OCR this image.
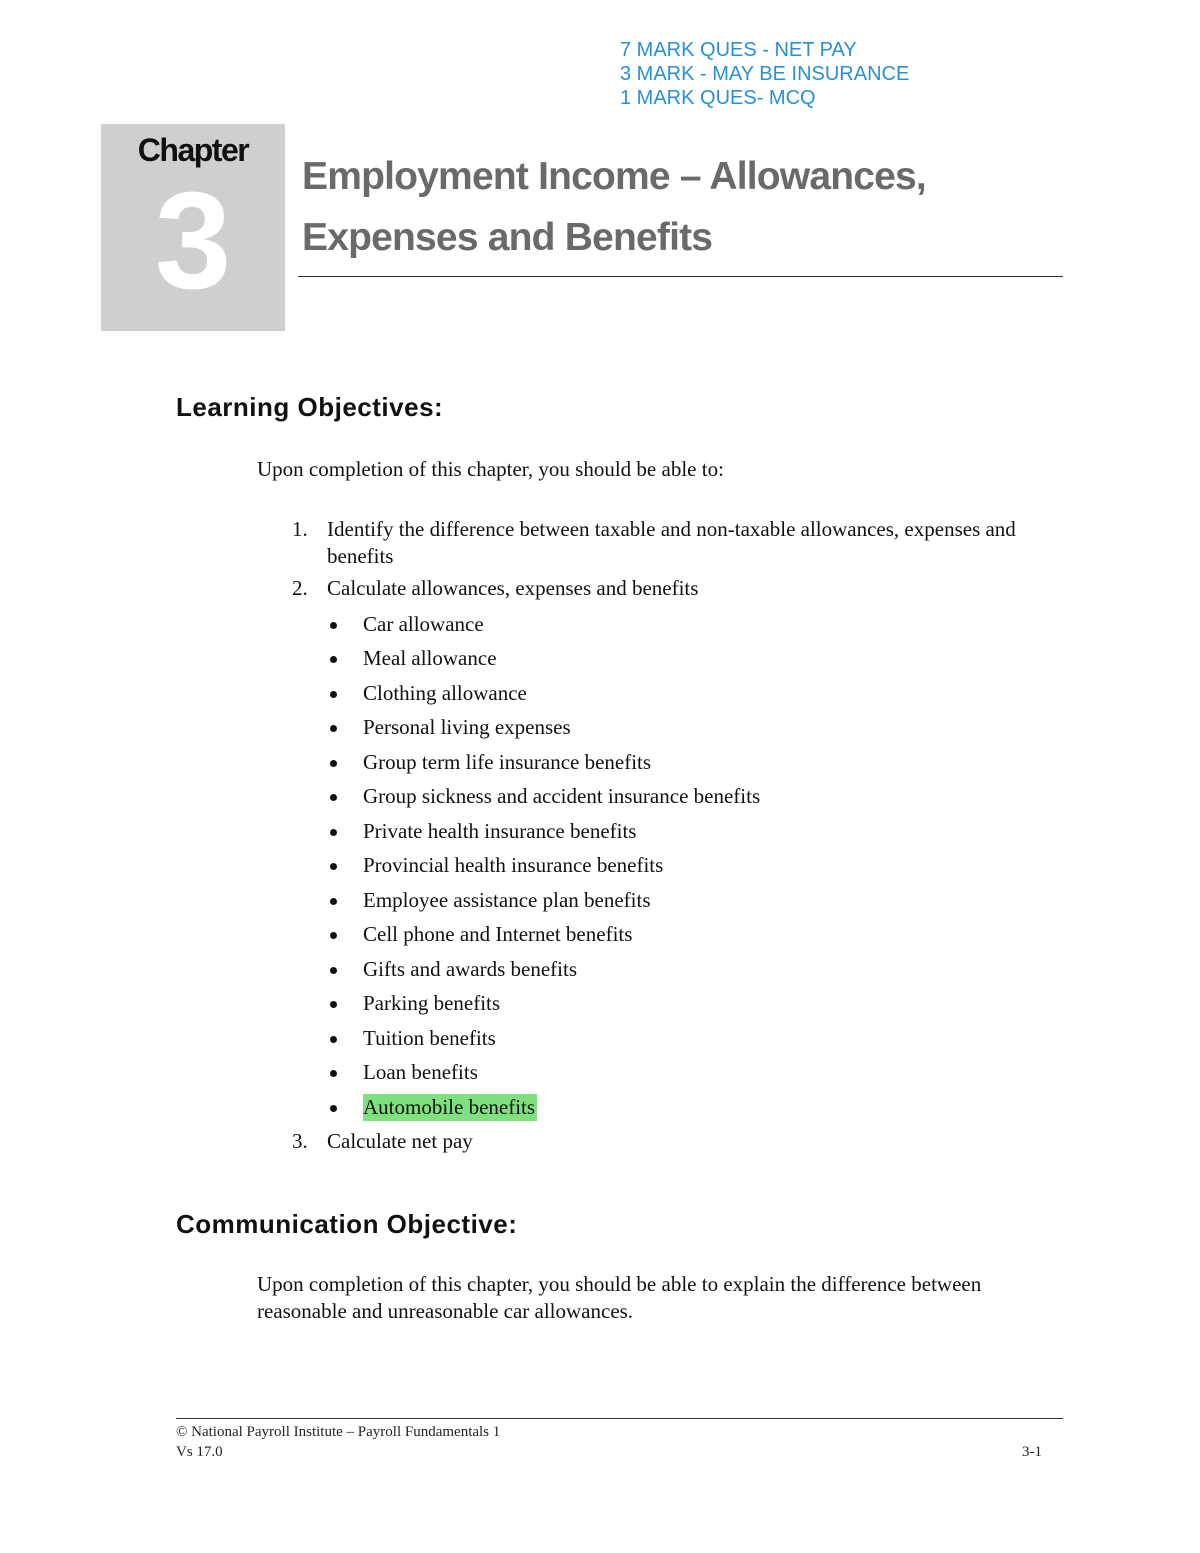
7 MARK QUES - NET PAY
3 MARK - MAY BE INSURANCE
1 MARK QUES- MCQ
Chapter
3	Employment Income – Allowances,
Expenses and Benefits
Learning Objectives:
Upon completion of this chapter, you should be able to:
1. Identify the difference between taxable and non-taxable allowances, expenses and benefits
2. Calculate allowances, expenses and benefits
Car allowance
Meal allowance
Clothing allowance
Personal living expenses
Group term life insurance benefits
Group sickness and accident insurance benefits
Private health insurance benefits
Provincial health insurance benefits
Employee assistance plan benefits
Cell phone and Internet benefits
Gifts and awards benefits
Parking benefits
Tuition benefits
Loan benefits
Automobile benefits
3. Calculate net pay
Communication Objective:
Upon completion of this chapter, you should be able to explain the difference between reasonable and unreasonable car allowances.
© National Payroll Institute – Payroll Fundamentals 1
Vs 17.0	3-1
